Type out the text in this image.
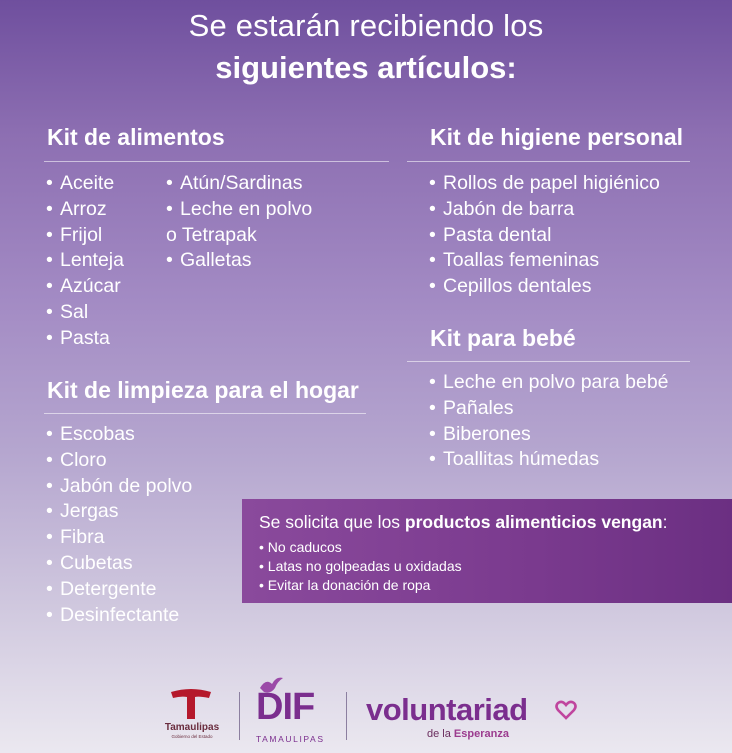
Se estarán recibiendo los
siguientes artículos:
Kit de alimentos
• Aceite
• Arroz
• Frijol
• Lenteja
• Azúcar
• Sal
• Pasta
• Atún/Sardinas
• Leche en polvo
o Tetrapak
• Galletas
Kit de higiene personal
• Rollos de papel higiénico
• Jabón de barra
• Pasta dental
• Toallas femeninas
• Cepillos dentales
Kit para bebé
• Leche en polvo para bebé
• Pañales
• Biberones
• Toallitas húmedas
Kit de limpieza para el hogar
• Escobas
• Cloro
• Jabón de polvo
• Jergas
• Fibra
• Cubetas
• Detergente
• Desinfectante
Se solicita que los productos alimenticios vengan:
• No caducos
• Latas no golpeadas u oxidadas
• Evitar la donación de ropa
Tamaulipas
Gobierno del Estado
DIF
TAMAULIPAS
voluntariad
de la Esperanza
